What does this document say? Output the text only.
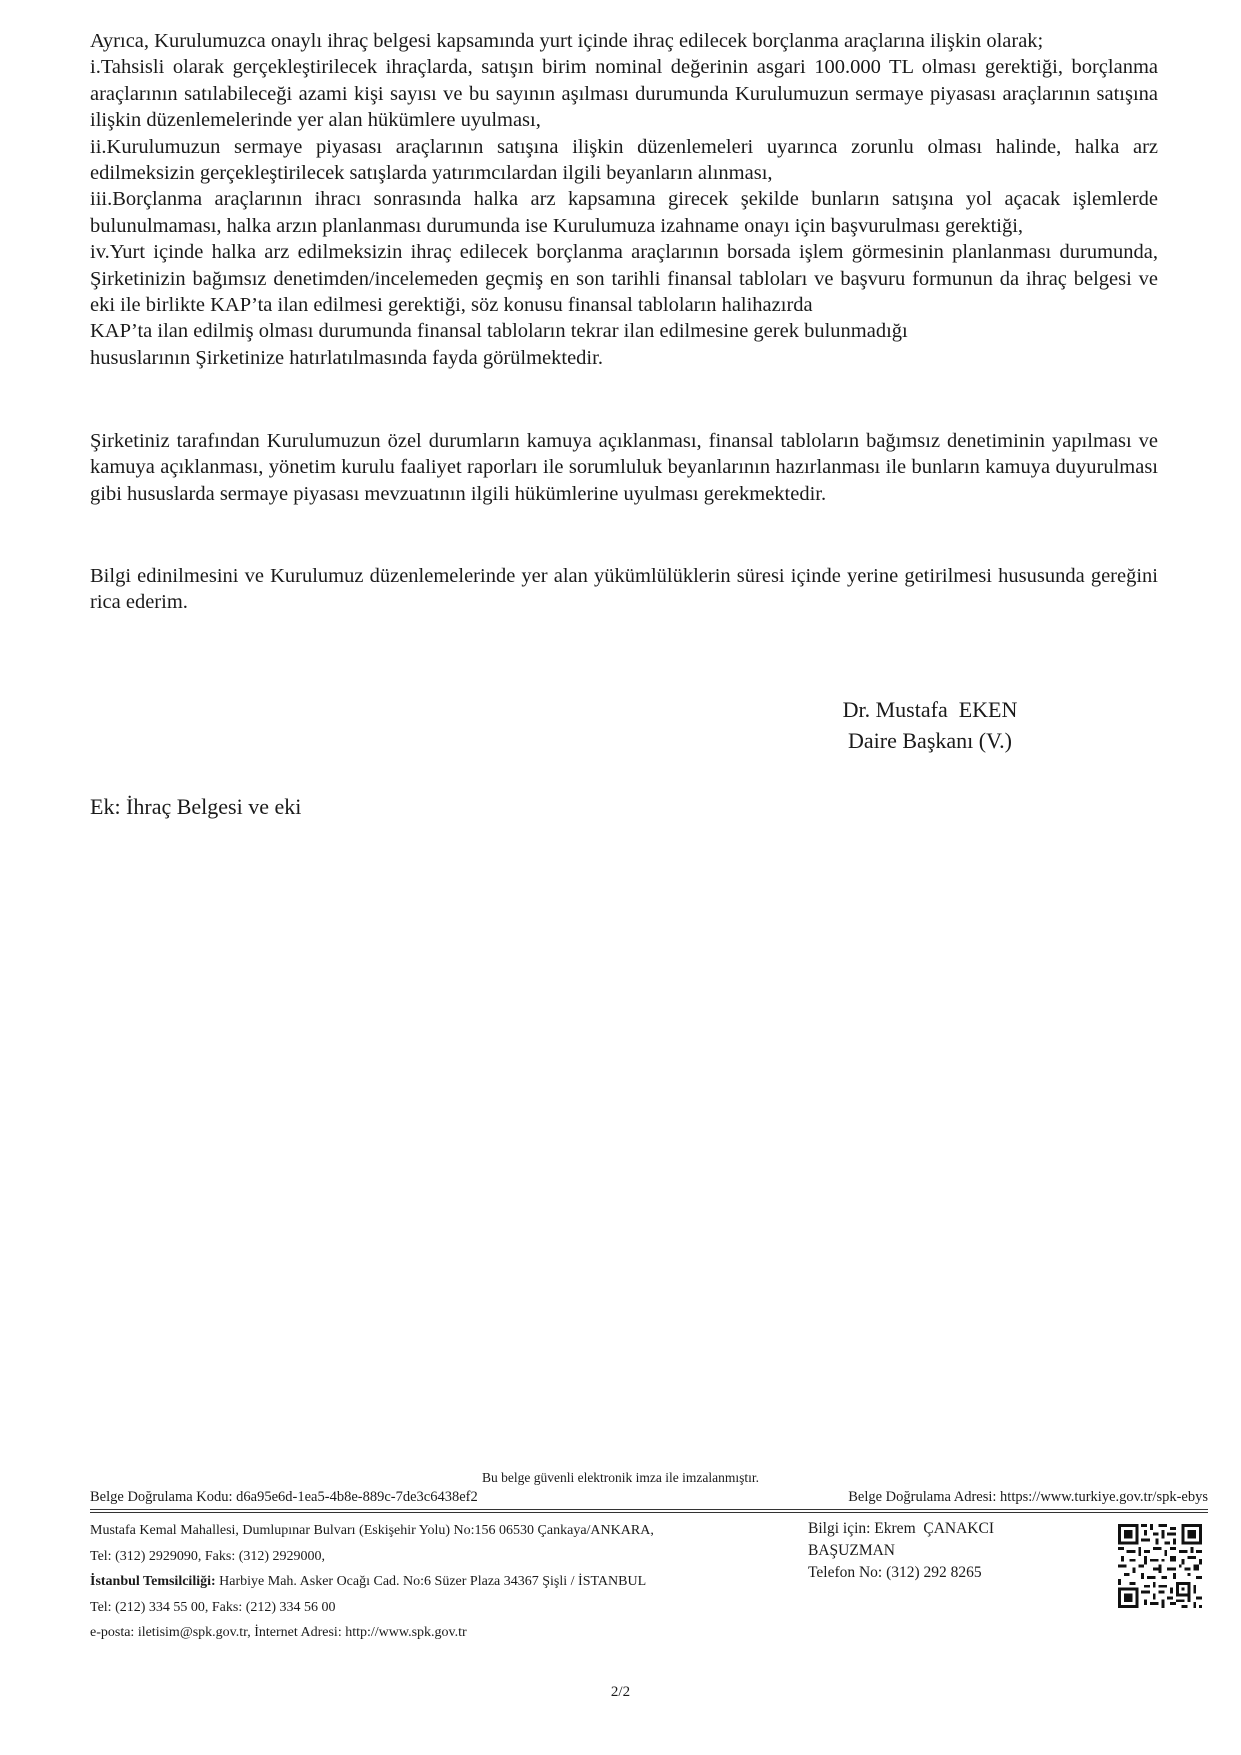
Ayrıca, Kurulumuzca onaylı ihraç belgesi kapsamında yurt içinde ihraç edilecek borçlanma araçlarına ilişkin olarak;

i.Tahsisli olarak gerçekleştirilecek ihraçlarda, satışın birim nominal değerinin asgari 100.000 TL olması gerektiği, borçlanma araçlarının satılabileceği azami kişi sayısı ve bu sayının aşılması durumunda Kurulumuzun sermaye piyasası araçlarının satışına ilişkin düzenlemelerinde yer alan hükümlere uyulması,

ii.Kurulumuzun sermaye piyasası araçlarının satışına ilişkin düzenlemeleri uyarınca zorunlu olması halinde, halka arz edilmeksizin gerçekleştirilecek satışlarda yatırımcılardan ilgili beyanların alınması,

iii.Borçlanma araçlarının ihracı sonrasında halka arz kapsamına girecek şekilde bunların satışına yol açacak işlemlerde bulunulmaması, halka arzın planlanması durumunda ise Kurulumuza izahname onayı için başvurulması gerektiği,

iv.Yurt içinde halka arz edilmeksizin ihraç edilecek borçlanma araçlarının borsada işlem görmesinin planlanması durumunda, Şirketinizin bağımsız denetimden/incelemeden geçmiş en son tarihli finansal tabloları ve başvuru formunun da ihraç belgesi ve eki ile birlikte KAP’ta ilan edilmesi gerektiği, söz konusu finansal tabloların halihazırda

KAP’ta ilan edilmiş olması durumunda finansal tabloların tekrar ilan edilmesine gerek bulunmadığı

hususlarının Şirketinize hatırlatılmasında fayda görülmektedir.

Şirketiniz tarafından Kurulumuzun özel durumların kamuya açıklanması, finansal tabloların bağımsız denetiminin yapılması ve kamuya açıklanması, yönetim kurulu faaliyet raporları ile sorumluluk beyanlarının hazırlanması ile bunların kamuya duyurulması gibi hususlarda sermaye piyasası mevzuatının ilgili hükümlerine uyulması gerekmektedir.

Bilgi edinilmesini ve Kurulumuz düzenlemelerinde yer alan yükümlülüklerin süresi içinde yerine getirilmesi hususunda gereğini rica ederim.

Dr. Mustafa  EKEN
Daire Başkanı (V.)
Ek: İhraç Belgesi ve eki
Bu belge güvenli elektronik imza ile imzalanmıştır.
Belge Doğrulama Kodu: d6a95e6d-1ea5-4b8e-889c-7de3c6438ef2	Belge Doğrulama Adresi: https://www.turkiye.gov.tr/spk-ebys
Mustafa Kemal Mahallesi, Dumlupınar Bulvarı (Eskişehir Yolu) No:156 06530 Çankaya/ANKARA,
Tel: (312) 2929090, Faks: (312) 2929000,
İstanbul Temsilciliği: Harbiye Mah. Asker Ocağı Cad. No:6 Süzer Plaza 34367 Şişli / İSTANBUL
Tel: (212) 334 55 00, Faks: (212) 334 56 00
e-posta: iletisim@spk.gov.tr, İnternet Adresi: http://www.spk.gov.tr
Bilgi için: Ekrem  ÇANAKCI
BAŞUZMAN
Telefon No: (312) 292 8265
2/2
